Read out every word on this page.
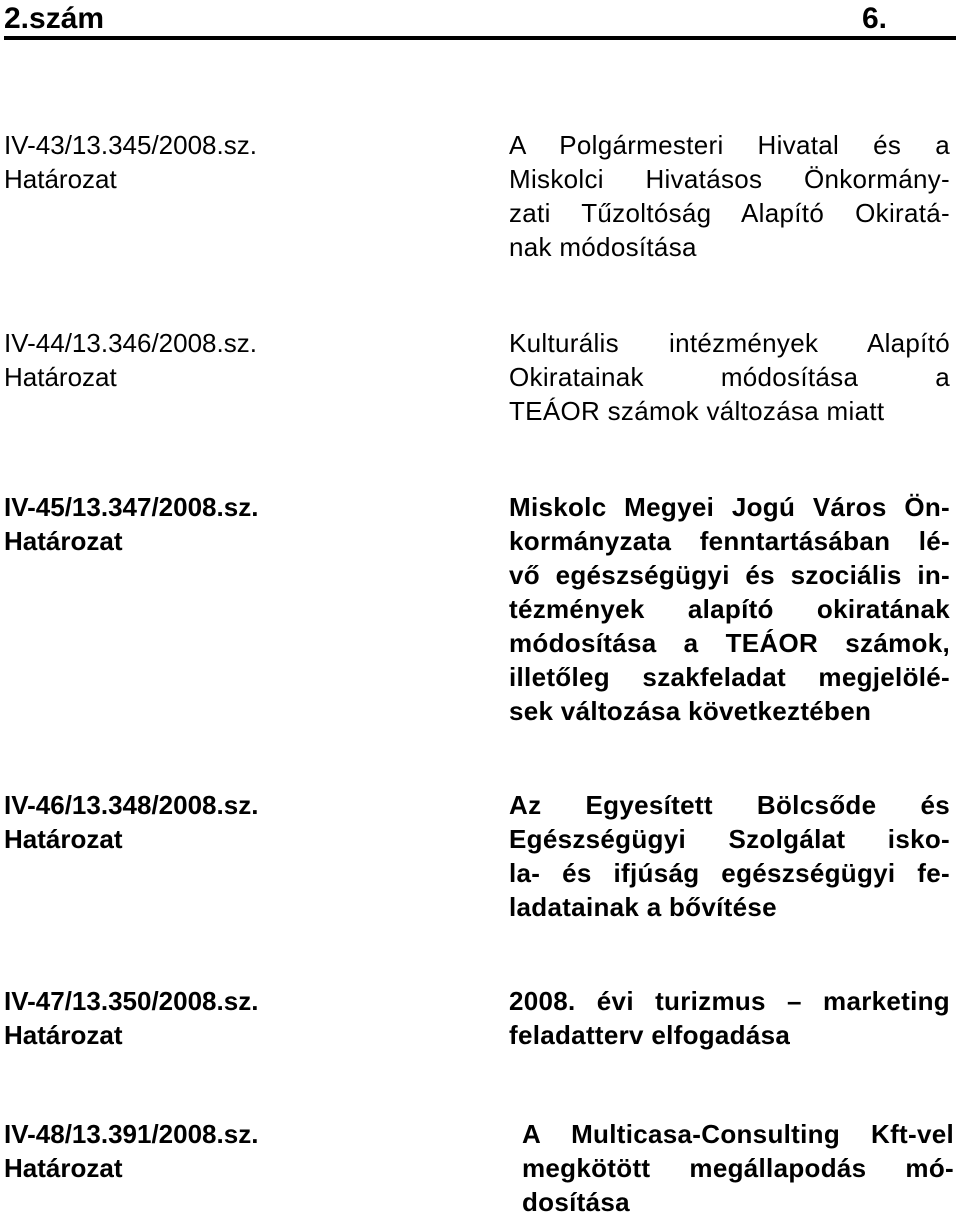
2.szám	6.
IV-43/13.345/2008.sz.
Határozat
A Polgármesteri Hivatal és a
Miskolci Hivatásos Önkormány-
zati Tűzoltóság Alapító Okiratá-
nak módosítása
IV-44/13.346/2008.sz.
Határozat
Kulturális intézmények Alapító
Okiratainak módosítása a
TEÁOR számok változása miatt
IV-45/13.347/2008.sz.
Határozat
Miskolc Megyei Jogú Város Ön-
kormányzata fenntartásában lé-
vő egészségügyi és szociális in-
tézmények alapító okiratának
módosítása a TEÁOR számok,
illetőleg szakfeladat megjelölé-
sek változása következtében
IV-46/13.348/2008.sz.
Határozat
Az Egyesített Bölcsőde és
Egészségügyi Szolgálat isko-
la- és ifjúság egészségügyi fe-
ladatainak a bővítése
IV-47/13.350/2008.sz.
Határozat
2008. évi turizmus – marketing
feladatterv elfogadása
IV-48/13.391/2008.sz.
Határozat
A Multicasa-Consulting Kft-vel
megkötött megállapodás mó-
dosítása
